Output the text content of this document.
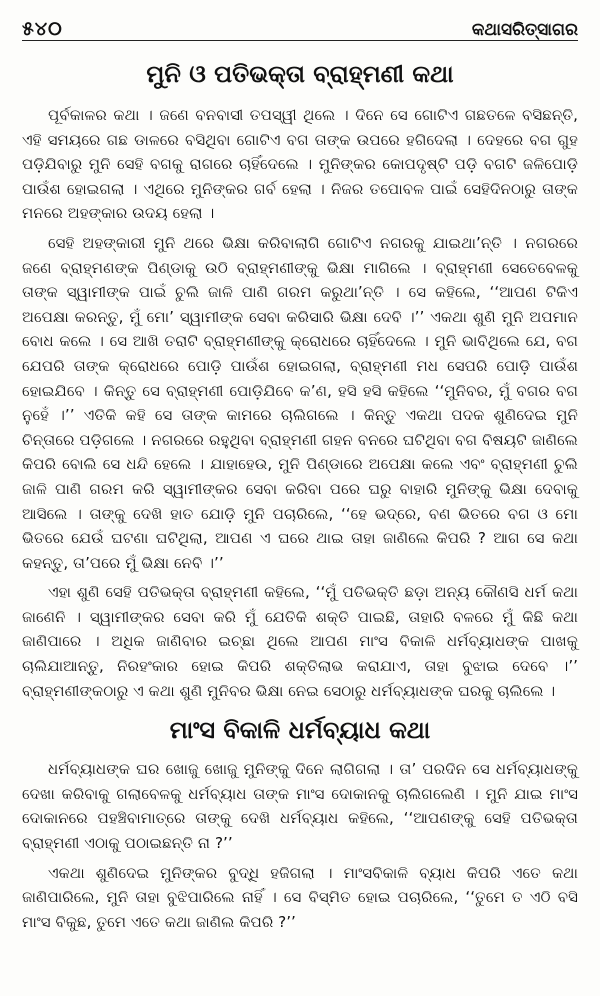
୫୪୦	କଥାସରିତ୍‌ସାଗର
ମୁନି ଓ ପତିଭକ୍ତା ବ୍ରାହ୍ମଣୀ କଥା

ପୂର୍ବକାଳର କଥା । ଜଣେ ବନବାସୀ ତପସ୍ୱୀ ଥିଲେ । ଦିନେ ସେ ଗୋଟିଏ ଗଛତଳେ ବସିଛନ୍ତି, ଏହି ସମୟରେ ଗଛ ଡାଳରେ ବସିଥିବା ଗୋଟିଏ ବଗ ତାଙ୍କ ଉପରେ ହଗିଦେଲା । ଦେହରେ ବଗ ଗୁହ ପଡ଼ିଯିବାରୁ ମୁନି ସେହି ବଗକୁ ରାଗରେ ଚାହିଁଦେଲେ । ମୁନିଙ୍କର କୋପଦୃଷ୍ଟି ପଡ଼ି ବଗଟି ଜଳିପୋଡ଼ି ପାଉଁଶ ହୋଇଗଲା । ଏଥିରେ ମୁନିଙ୍କର ଗର୍ବ ହେଲା । ନିଜର ତପୋବଳ ପାଇଁ ସେହିଦିନଠାରୁ ତାଙ୍କ ମନରେ ଅହଙ୍କାର ଉଦୟ ହେଲା ।

ସେହି ଅହଙ୍କାରୀ ମୁନି ଥରେ ଭିକ୍ଷା କରିବାଲାଗି ଗୋଟିଏ ନଗରକୁ ଯାଇଥା’ନ୍ତି । ନଗରରେ ଜଣେ ବ୍ରାହ୍ମଣଙ୍କ ପିଣ୍ଡାକୁ ଉଠି ବ୍ରାହ୍ମଣୀଙ୍କୁ ଭିକ୍ଷା ମାଗିଲେ । ବ୍ରାହ୍ମଣୀ ସେତେବେଳକୁ ତାଙ୍କ ସ୍ୱାମୀଙ୍କ ପାଇଁ ଚୁଲି ଜାଳି ପାଣି ଗରମ କରୁଥା’ନ୍ତି । ସେ କହିଲେ, ‘‘ଆପଣ ଟିକିଏ ଅପେକ୍ଷା କରନ୍ତୁ, ମୁଁ ମୋ’ ସ୍ୱାମୀଙ୍କ ସେବା କରିସାରି ଭିକ୍ଷା ଦେବି ।’’ ଏକଥା ଶୁଣି ମୁନି ଅପମାନ ବୋଧ କଲେ । ସେ ଆଖି ତରାଟି ବ୍ରାହ୍ମଣୀଙ୍କୁ କ୍ରୋଧରେ ଚାହିଁଦେଲେ । ମୁନି ଭାବିଥିଲେ ଯେ, ବଗ ଯେପରି ତାଙ୍କ କ୍ରୋଧରେ ପୋଡ଼ି ପାଉଁଶ ହୋଇଗଲା, ବ୍ରାହ୍ମଣୀ ମଧ ସେପରି ପୋଡ଼ି ପାଉଁଶ ହୋଇଯିବେ । କିନ୍ତୁ ସେ ବ୍ରାହ୍ମଣୀ ପୋଡ଼ିଯିବେ କ’ଣ, ହସି ହସି କହିଲେ ‘‘ମୁନିବର, ମୁଁ ବଗର ବଗ ନୁହେଁ ।’’ ଏତିକି କହି ସେ ତାଙ୍କ କାମରେ ଚାଲିଗଲେ । କିନ୍ତୁ ଏକଥା ପଦକ ଶୁଣିଦେଇ ମୁନି ଚିନ୍ତାରେ ପଡ଼ିଗଲେ । ନଗରରେ ରହୁଥିବା ବ୍ରାହ୍ମଣୀ ଗହନ ବନରେ ଘଟିଥିବା ବଗ ବିଷୟଟି ଜାଣିଲେ କିପରି ବୋଲି ସେ ଧନ୍ଦି ହେଲେ । ଯାହାହେଉ, ମୁନି ପିଣ୍ଡାରେ ଅପେକ୍ଷା କଲେ ଏବଂ ବ୍ରାହ୍ମଣୀ ଚୁଲି ଜାଳି ପାଣି ଗରମ କରି ସ୍ୱାମୀଙ୍କର ସେବା କରିବା ପରେ ଘରୁ ବାହାରି ମୁନିଙ୍କୁ ଭିକ୍ଷା ଦେବାକୁ ଆସିଲେ । ତାଙ୍କୁ ଦେଖି ହାତ ଯୋଡ଼ି ମୁନି ପଚାରିଲେ, ‘‘ହେ ଭଦ୍ରେ, ବଣ ଭିତରେ ବଗ ଓ ମୋ ଭିତରେ ଯେଉଁ ଘଟଣା ଘଟିଥିଲା, ଆପଣ ଏ ଘରେ ଥାଇ ତାହା ଜାଣିଲେ କିପରି ? ଆଗ ସେ କଥା କହନ୍ତୁ, ତା’ପରେ ମୁଁ ଭିକ୍ଷା ନେବି ।’’

ଏହା ଶୁଣି ସେହି ପତିଭକ୍ତା ବ୍ରାହ୍ମଣୀ କହିଲେ, ‘‘ମୁଁ ପତିଭକ୍ତି ଛଡ଼ା ଅନ୍ୟ କୌଣସି ଧର୍ମ କଥା ଜାଣେନି । ସ୍ୱାମୀଙ୍କର ସେବା କରି ମୁଁ ଯେତିକି ଶକ୍ତି ପାଇଛି, ତାହାରି ବଳରେ ମୁଁ କିଛି କଥା ଜାଣିପାରେ । ଅଧିକ ଜାଣିବାର ଇଚ୍ଛା ଥିଲେ ଆପଣ ମାଂସ ବିକାଳି ଧର୍ମବ୍ୟାଧଙ୍କ ପାଖକୁ ଚାଲିଯାଆନ୍ତୁ, ନିରହଂକାର ହୋଇ କିପରି ଶକ୍ତିଲାଭ କରାଯାଏ, ତାହା ବୁଝାଇ ଦେବେ ।’’ ବ୍ରାହ୍ମଣୀଙ୍କଠାରୁ ଏ କଥା ଶୁଣି ମୁନିବର ଭିକ୍ଷା ନେଇ ସେଠାରୁ ଧର୍ମବ୍ୟାଧଙ୍କ ଘରକୁ ଚାଲିଲେ ।

ମାଂସ ବିକାଳି ଧର୍ମବ୍ୟାଧ କଥା

ଧର୍ମବ୍ୟାଧଙ୍କ ଘର ଖୋଜୁ ଖୋଜୁ ମୁନିଙ୍କୁ ଦିନେ ଲାଗିଗଲା । ତା’ ପରଦିନ ସେ ଧର୍ମବ୍ୟାଧଙ୍କୁ ଦେଖା କରିବାକୁ ଗଲାବେଳକୁ ଧର୍ମବ୍ୟାଧ ତାଙ୍କ ମାଂସ ଦୋକାନକୁ ଚାଲିଗଲେଣି । ମୁନି ଯାଇ ମାଂସ ଦୋକାନରେ ପହଞ୍ଚିବାମାତ୍ରେ ତାଙ୍କୁ ଦେଖି ଧର୍ମବ୍ୟାଧ କହିଲେ, ‘‘ଆପଣଙ୍କୁ ସେହି ପତିଭକ୍ତା ବ୍ରାହ୍ମଣୀ ଏଠାକୁ ପଠାଇଛନ୍ତି ନା ?’’

ଏକଥା ଶୁଣିଦେଇ ମୁନିଙ୍କର ବୁଦ୍ଧି ହଜିଗଲା । ମାଂସବିକାଳି ବ୍ୟାଧ କିପରି ଏତେ କଥା ଜାଣିପାରିଲେ, ମୁନି ତାହା ବୁଝିପାରିଲେ ନାହିଁ । ସେ ବିସ୍ମିତ ହୋଇ ପଚାରିଲେ, ‘‘ତୁମେ ତ ଏଠି ବସି ମାଂସ ବିକୁଛ, ତୁମେ ଏତେ କଥା ଜାଣିଲ କିପରି ?’’
